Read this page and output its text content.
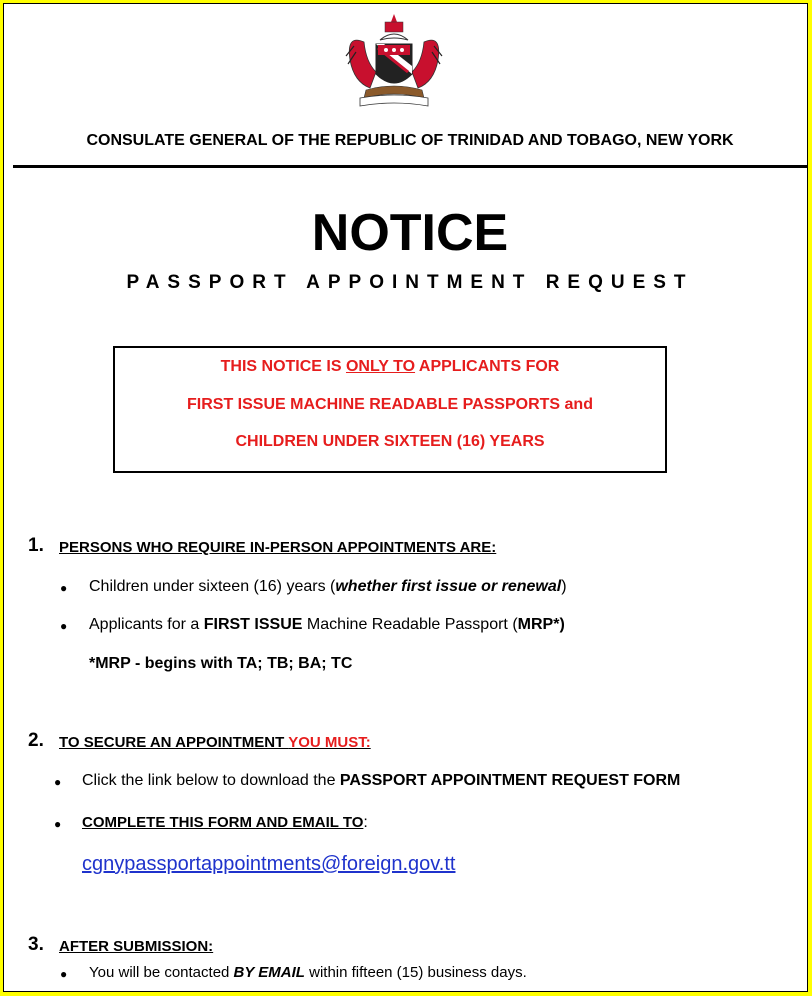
CONSULATE GENERAL OF THE REPUBLIC OF TRINIDAD AND TOBAGO, NEW YORK
NOTICE
PASSPORT APPOINTMENT REQUEST
THIS NOTICE IS ONLY TO APPLICANTS FOR
FIRST ISSUE MACHINE READABLE PASSPORTS and
CHILDREN UNDER SIXTEEN (16) YEARS
1. PERSONS WHO REQUIRE IN-PERSON APPOINTMENTS ARE:
● Children under sixteen (16) years (whether first issue or renewal)
● Applicants for a FIRST ISSUE Machine Readable Passport (MRP*)
*MRP - begins with TA; TB; BA; TC
2. TO SECURE AN APPOINTMENT YOU MUST:
● Click the link below to download the PASSPORT APPOINTMENT REQUEST FORM
● COMPLETE THIS FORM AND EMAIL TO:
cgnypassportappointments@foreign.gov.tt
3. AFTER SUBMISSION:
● You will be contacted BY EMAIL within fifteen (15) business days.
